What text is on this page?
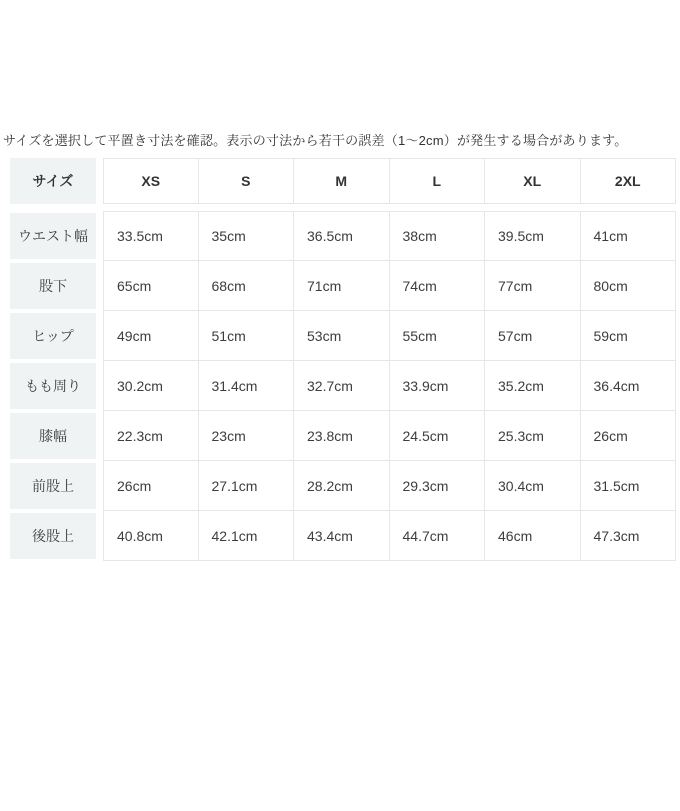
サイズを選択して平置き寸法を確認。表示の寸法から若干の誤差（1〜2cm）が発生する場合があります。

サイズ	XS	S	M	L	XL	2XL
ウエスト幅	33.5cm	35cm	36.5cm	38cm	39.5cm	41cm
股下	65cm	68cm	71cm	74cm	77cm	80cm
ヒップ	49cm	51cm	53cm	55cm	57cm	59cm
もも周り	30.2cm	31.4cm	32.7cm	33.9cm	35.2cm	36.4cm
膝幅	22.3cm	23cm	23.8cm	24.5cm	25.3cm	26cm
前股上	26cm	27.1cm	28.2cm	29.3cm	30.4cm	31.5cm
後股上	40.8cm	42.1cm	43.4cm	44.7cm	46cm	47.3cm
